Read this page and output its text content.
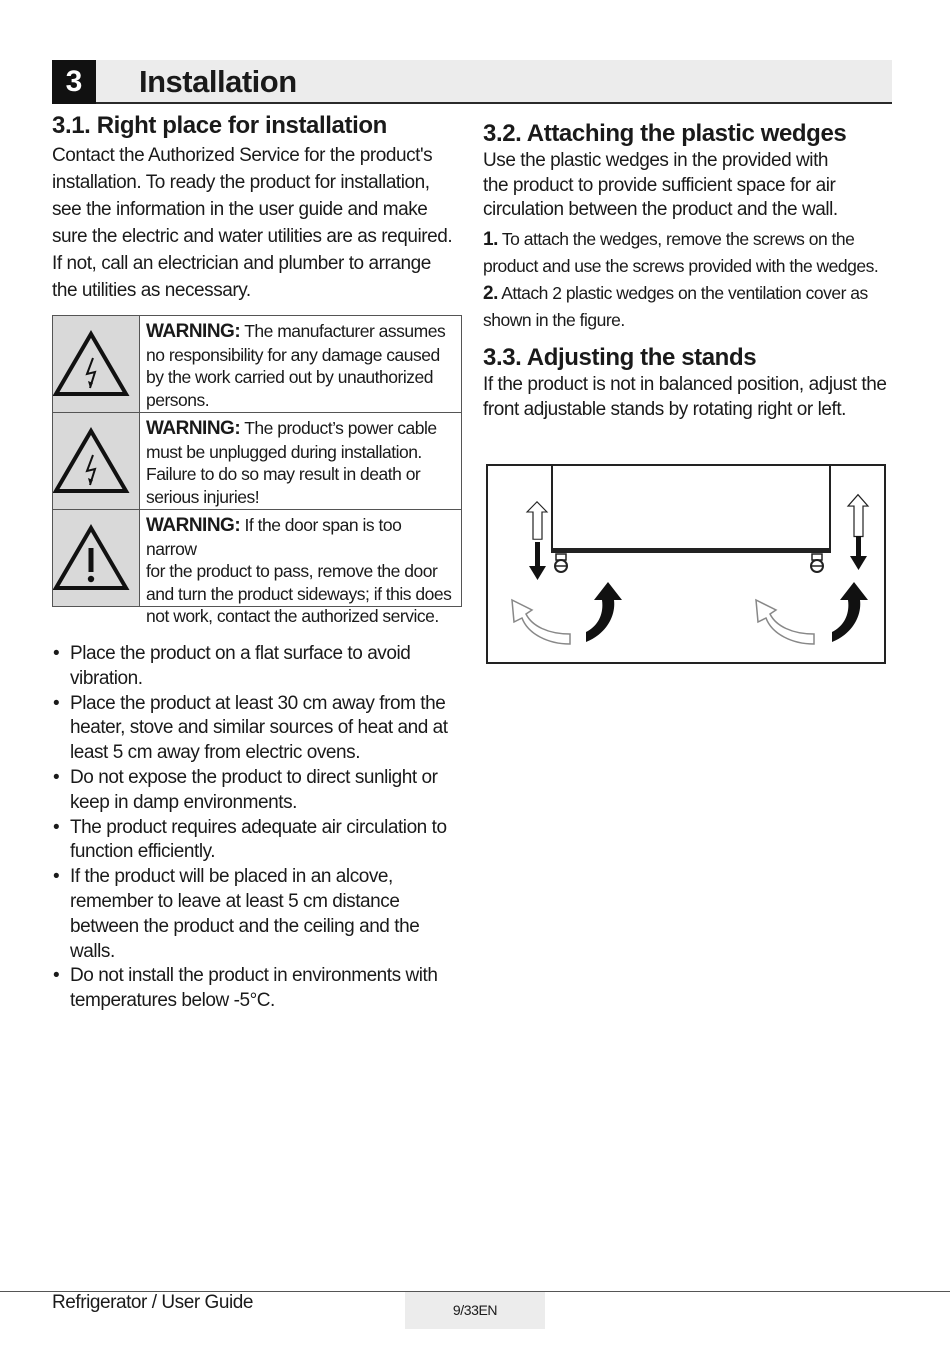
3	Installation
3.1. Right place for installation
Contact the Authorized Service for the product's
installation. To ready the product for installation,
see the information in the user guide and make
sure the electric and water utilities are as required.
If not, call an electrician and plumber to arrange
the utilities as necessary.
WARNING: The manufacturer assumes
no responsibility for any damage caused
by the work carried out by unauthorized
persons.
WARNING: The product’s power cable
must be unplugged during installation.
Failure to do so may result in death or
serious injuries!
WARNING: If the door span is too narrow
for the product to pass, remove the door
and turn the product sideways; if this does
not work, contact the authorized service.
• Place the product on a flat surface to avoid
vibration.
• Place the product at least 30 cm away from the
heater, stove and similar sources of heat and at
least 5 cm away from electric ovens.
• Do not expose the product to direct sunlight or
keep in damp environments.
• The product requires adequate air circulation to
function efficiently.
• If the product will be placed in an alcove,
remember to leave at least 5 cm distance
between the product and the ceiling and the
walls.
• Do not install the product in environments with
temperatures below -5°C.
3.2. Attaching the plastic wedges
Use the plastic wedges in the provided with
the product to provide sufficient space for air
circulation between the product and the wall.
1. To attach the wedges, remove the screws on the
product and use the screws provided with the wedges.
2. Attach 2 plastic wedges on the ventilation cover as
shown in the figure.
3.3. Adjusting the stands
If the product is not in balanced position, adjust the
front adjustable stands by rotating right or left.
Refrigerator / User Guide	9/33EN
